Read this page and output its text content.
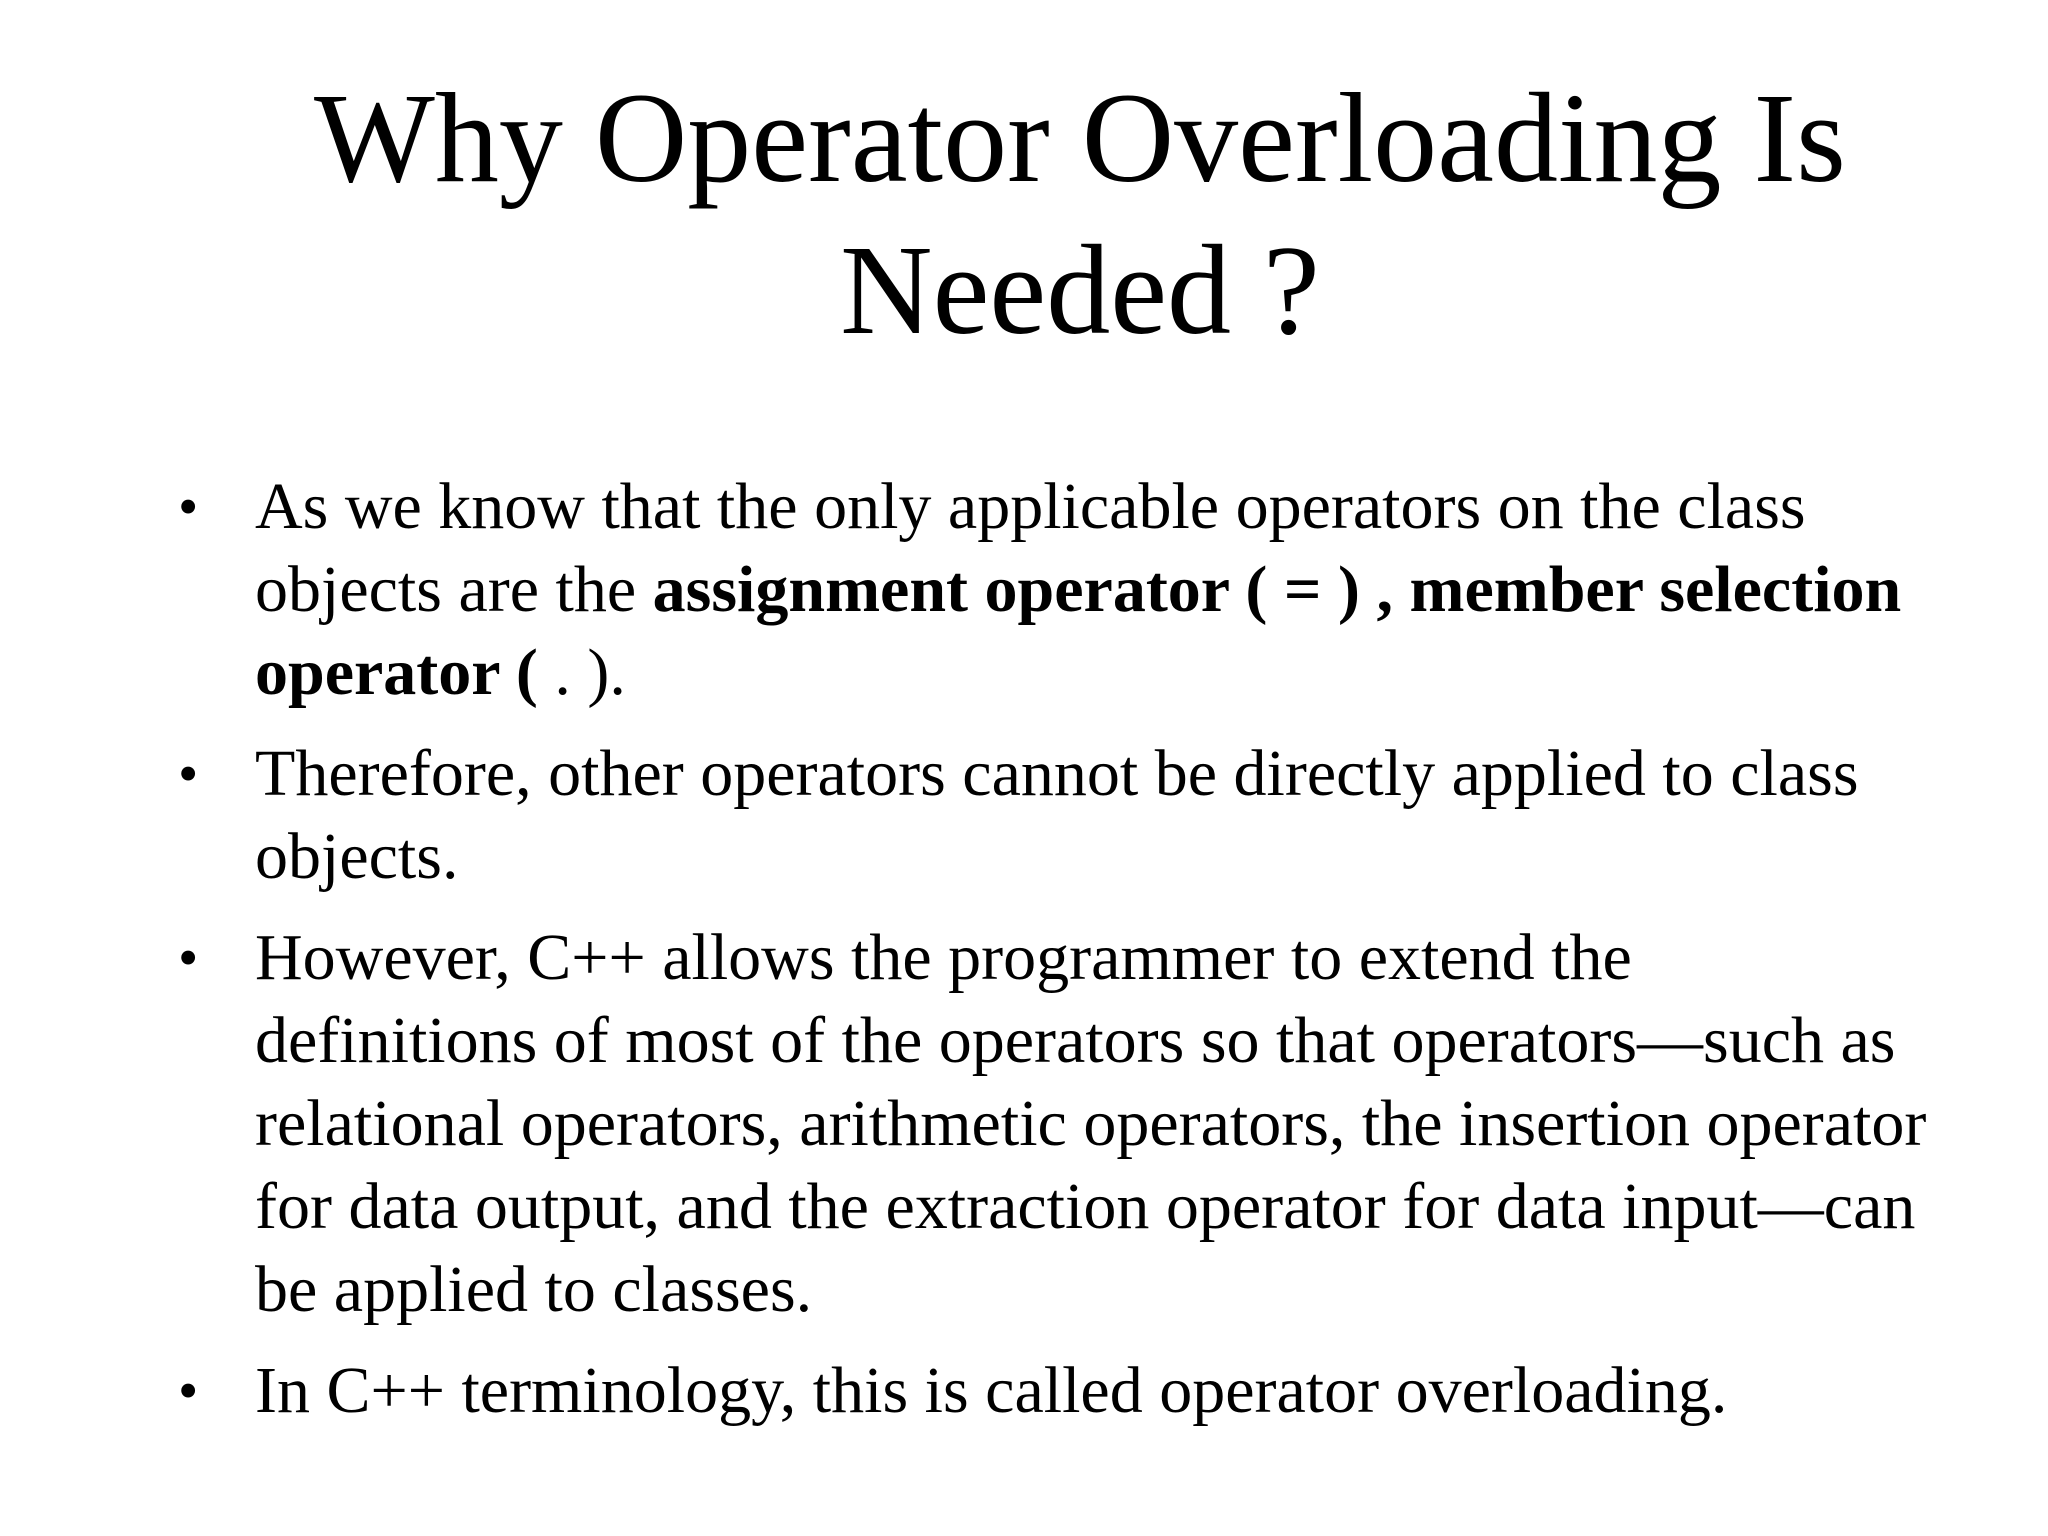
Why Operator Overloading Is
Needed ?
• As we know that the only applicable operators on the class objects are the assignment operator ( = ) , member selection operator ( . ).
• Therefore, other operators cannot be directly applied to class objects.
• However, C++ allows the programmer to extend the definitions of most of the operators so that operators—such as relational operators, arithmetic operators, the insertion operator for data output, and the extraction operator for data input—can be applied to classes.
• In C++ terminology, this is called operator overloading.
